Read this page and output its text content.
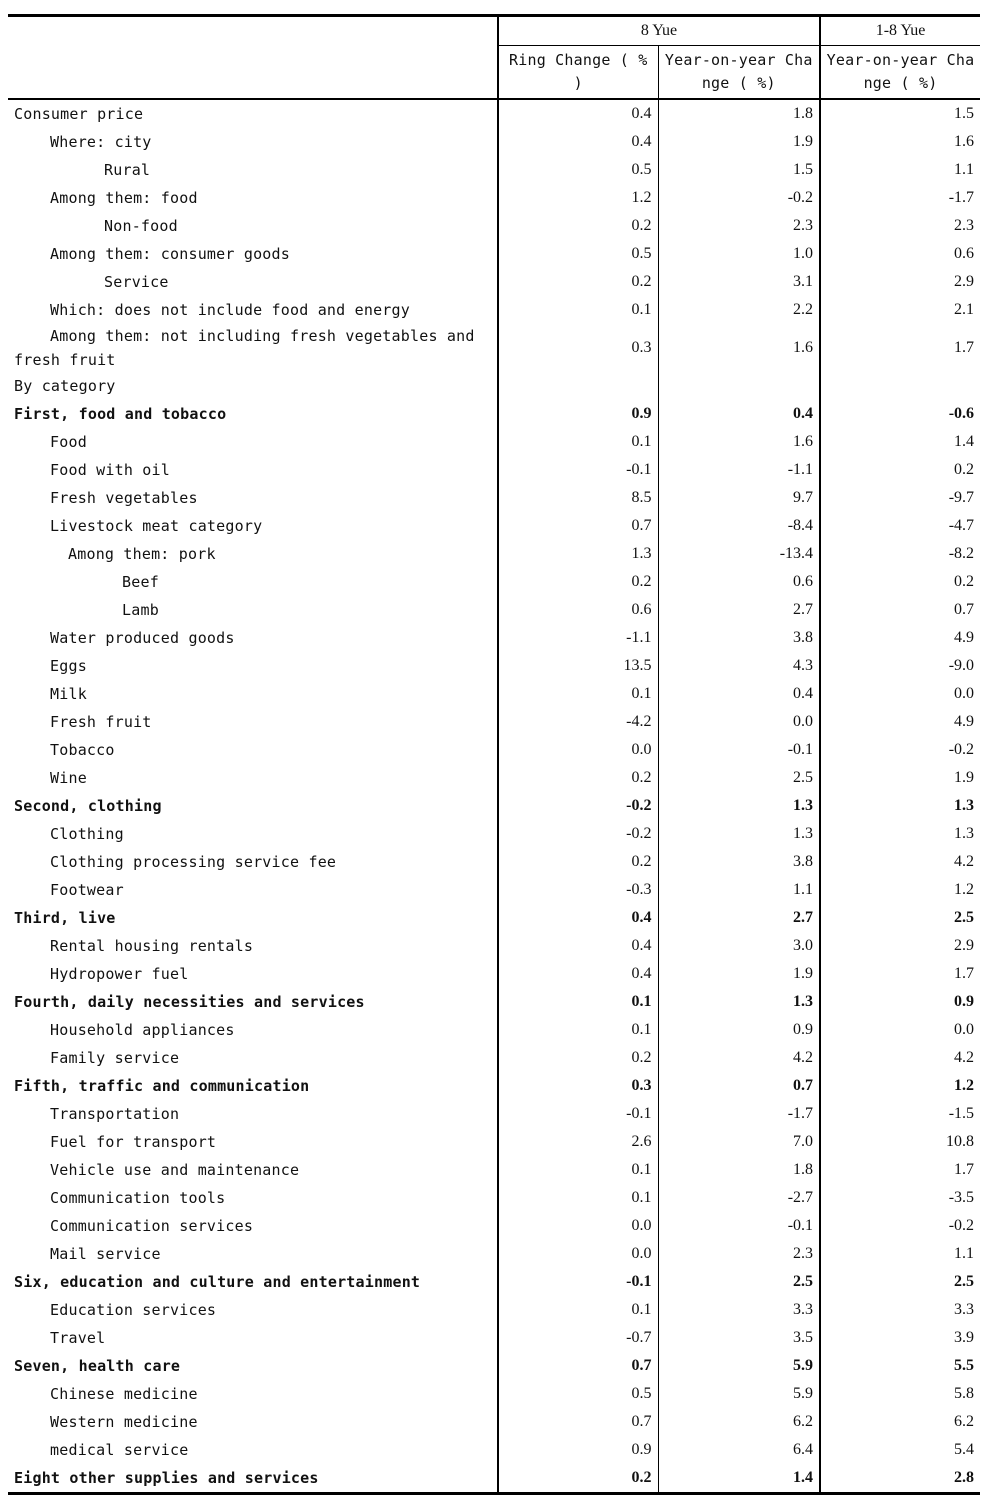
	8 Yue		1-8 Yue
	Ring Change ( % )	Year-on-year Change ( %)	Year-on-year Change ( %)
Consumer price	0.4	1.8	1.5
Where: city	0.4	1.9	1.6
Rural	0.5	1.5	1.1
Among them: food	1.2	-0.2	-1.7
Non-food	0.2	2.3	2.3
Among them: consumer goods	0.5	1.0	0.6
Service	0.2	3.1	2.9
Which: does not include food and energy	0.1	2.2	2.1
Among them: not including fresh vegetables and fresh fruit	0.3	1.6	1.7
By category			
First, food and tobacco	0.9	0.4	-0.6
Food	0.1	1.6	1.4
Food with oil	-0.1	-1.1	0.2
Fresh vegetables	8.5	9.7	-9.7
Livestock meat category	0.7	-8.4	-4.7
Among them: pork	1.3	-13.4	-8.2
Beef	0.2	0.6	0.2
Lamb	0.6	2.7	0.7
Water produced goods	-1.1	3.8	4.9
Eggs	13.5	4.3	-9.0
Milk	0.1	0.4	0.0
Fresh fruit	-4.2	0.0	4.9
Tobacco	0.0	-0.1	-0.2
Wine	0.2	2.5	1.9
Second, clothing	-0.2	1.3	1.3
Clothing	-0.2	1.3	1.3
Clothing processing service fee	0.2	3.8	4.2
Footwear	-0.3	1.1	1.2
Third, live	0.4	2.7	2.5
Rental housing rentals	0.4	3.0	2.9
Hydropower fuel	0.4	1.9	1.7
Fourth, daily necessities and services	0.1	1.3	0.9
Household appliances	0.1	0.9	0.0
Family service	0.2	4.2	4.2
Fifth, traffic and communication	0.3	0.7	1.2
Transportation	-0.1	-1.7	-1.5
Fuel for transport	2.6	7.0	10.8
Vehicle use and maintenance	0.1	1.8	1.7
Communication tools	0.1	-2.7	-3.5
Communication services	0.0	-0.1	-0.2
Mail service	0.0	2.3	1.1
Six, education and culture and entertainment	-0.1	2.5	2.5
Education services	0.1	3.3	3.3
Travel	-0.7	3.5	3.9
Seven, health care	0.7	5.9	5.5
Chinese medicine	0.5	5.9	5.8
Western medicine	0.7	6.2	6.2
medical service	0.9	6.4	5.4
Eight other supplies and services	0.2	1.4	2.8
